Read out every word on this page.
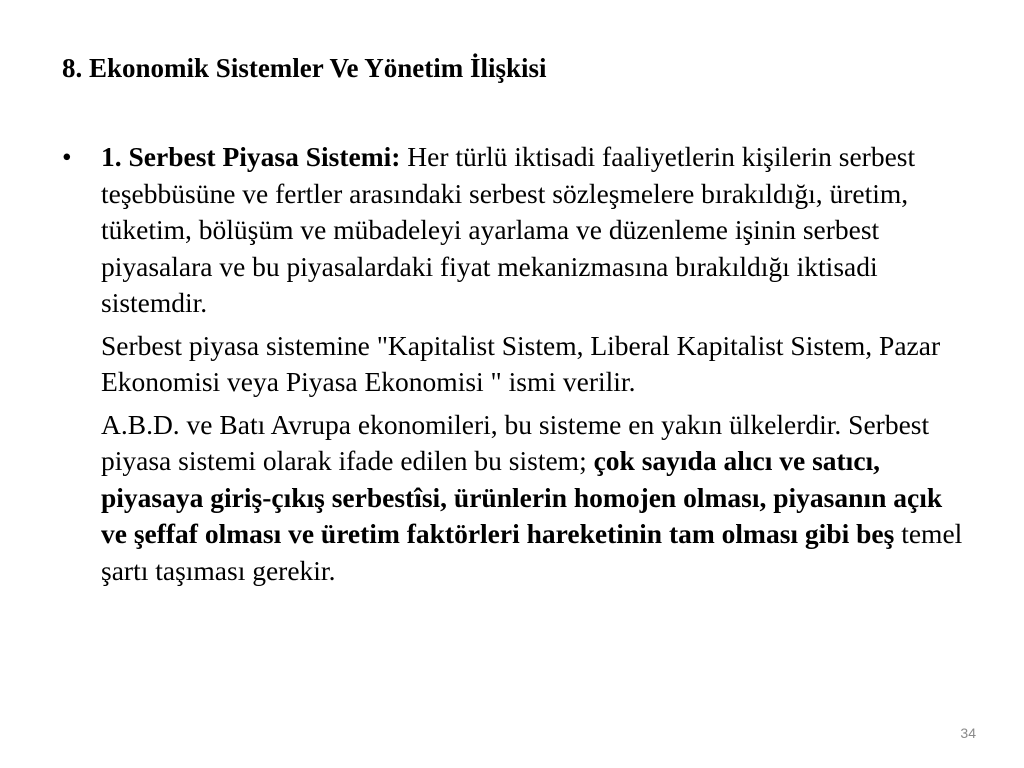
8. Ekonomik Sistemler Ve Yönetim İlişkisi
• 1. Serbest Piyasa Sistemi: Her türlü iktisadi faaliyetlerin kişilerin serbest teşebbüsüne ve fertler arasındaki serbest sözleşmelere bırakıldığı, üretim, tüketim, bölüşüm ve mübadeleyi ayarlama ve düzenleme işinin serbest piyasalara ve bu piyasalardaki fiyat mekanizmasına bırakıldığı iktisadi sistemdir.

Serbest piyasa sistemine "Kapitalist Sistem, Liberal Kapitalist Sistem, Pazar Ekonomisi veya Piyasa Ekonomisi " ismi verilir.

A.B.D. ve Batı Avrupa ekonomileri, bu sisteme en yakın ülkelerdir. Serbest piyasa sistemi olarak ifade edilen bu sistem; çok sayıda alıcı ve satıcı, piyasaya giriş-çıkış serbestîsi, ürünlerin homojen olması, piyasanın açık ve şeffaf olması ve üretim faktörleri hareketinin tam olması gibi beş temel şartı taşıması gerekir.

34
